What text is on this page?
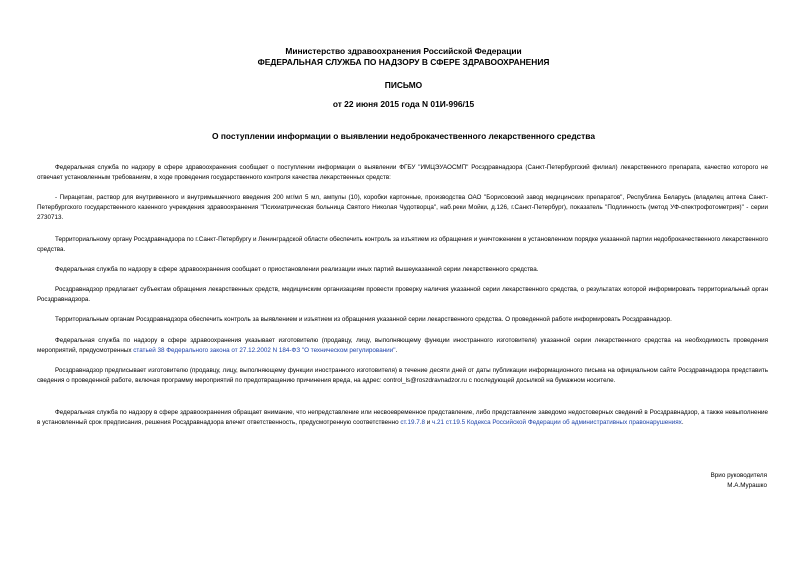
Министерство здравоохранения Российской Федерации
ФЕДЕРАЛЬНАЯ СЛУЖБА ПО НАДЗОРУ В СФЕРЕ ЗДРАВООХРАНЕНИЯ
ПИСЬМО
от 22 июня 2015 года N 01И-996/15
О поступлении информации о выявлении недоброкачественного лекарственного средства
Федеральная служба по надзору в сфере здравоохранения сообщает о поступлении информации о выявлении ФГБУ "ИМЦЭУАОСМП" Росздравнадзора (Санкт-Петербургский филиал) лекарственного препарата, качество которого не отвечает установленным требованиям, в ходе проведения государственного контроля качества лекарственных средств:
- Пирацетам, раствор для внутривенного и внутримышечного введения 200 мг/мл 5 мл, ампулы (10), коробки картонные, производства ОАО "Борисовский завод медицинских препаратов", Республика Беларусь (владелец аптека Санкт-Петербургского государственного казенного учреждения здравоохранения "Психиатрическая больница Святого Николая Чудотворца", наб.реки Мойки, д.126, г.Санкт-Петербург), показатель "Подлинность (метод УФ-спектрофотометрия)" - серии 2730713.
Территориальному органу Росздравнадзора по г.Санкт-Петербургу и Ленинградской области обеспечить контроль за изъятием из обращения и уничтожением в установленном порядке указанной партии недоброкачественного лекарственного средства.
Федеральная служба по надзору в сфере здравоохранения сообщает о приостановлении реализации иных партий вышеуказанной серии лекарственного средства.
Росздравнадзор предлагает субъектам обращения лекарственных средств, медицинским организациям провести проверку наличия указанной серии лекарственного средства, о результатах которой информировать территориальный орган Росздравнадзора.
Территориальным органам Росздравнадзора обеспечить контроль за выявлением и изъятием из обращения указанной серии лекарственного средства. О проведенной работе информировать Росздравнадзор.
Федеральная служба по надзору в сфере здравоохранения указывает изготовителю (продавцу, лицу, выполняющему функции иностранного изготовителя) указанной серии лекарственного средства на необходимость проведения мероприятий, предусмотренных статьей 38 Федерального закона от 27.12.2002 N 184-ФЗ "О техническом регулировании".
Росздравнадзор предписывает изготовителю (продавцу, лицу, выполняющему функции иностранного изготовителя) в течение десяти дней от даты публикации информационного письма на официальном сайте Росздравнадзора представить сведения о проведенной работе, включая программу мероприятий по предотвращению причинения вреда, на адрес: control_ls@roszdravnadzor.ru с последующей досылкой на бумажном носителе.
Федеральная служба по надзору в сфере здравоохранения обращает внимание, что непредставление или несвоевременное представление, либо представление заведомо недостоверных сведений в Росздравнадзор, а также невыполнение в установленный срок предписания, решения Росздравнадзора влечет ответственность, предусмотренную соответственно ст.19.7.8 и ч.21 ст.19.5 Кодекса Российской Федерации об административных правонарушениях.
Врио руководителя
М.А.Мурашко
